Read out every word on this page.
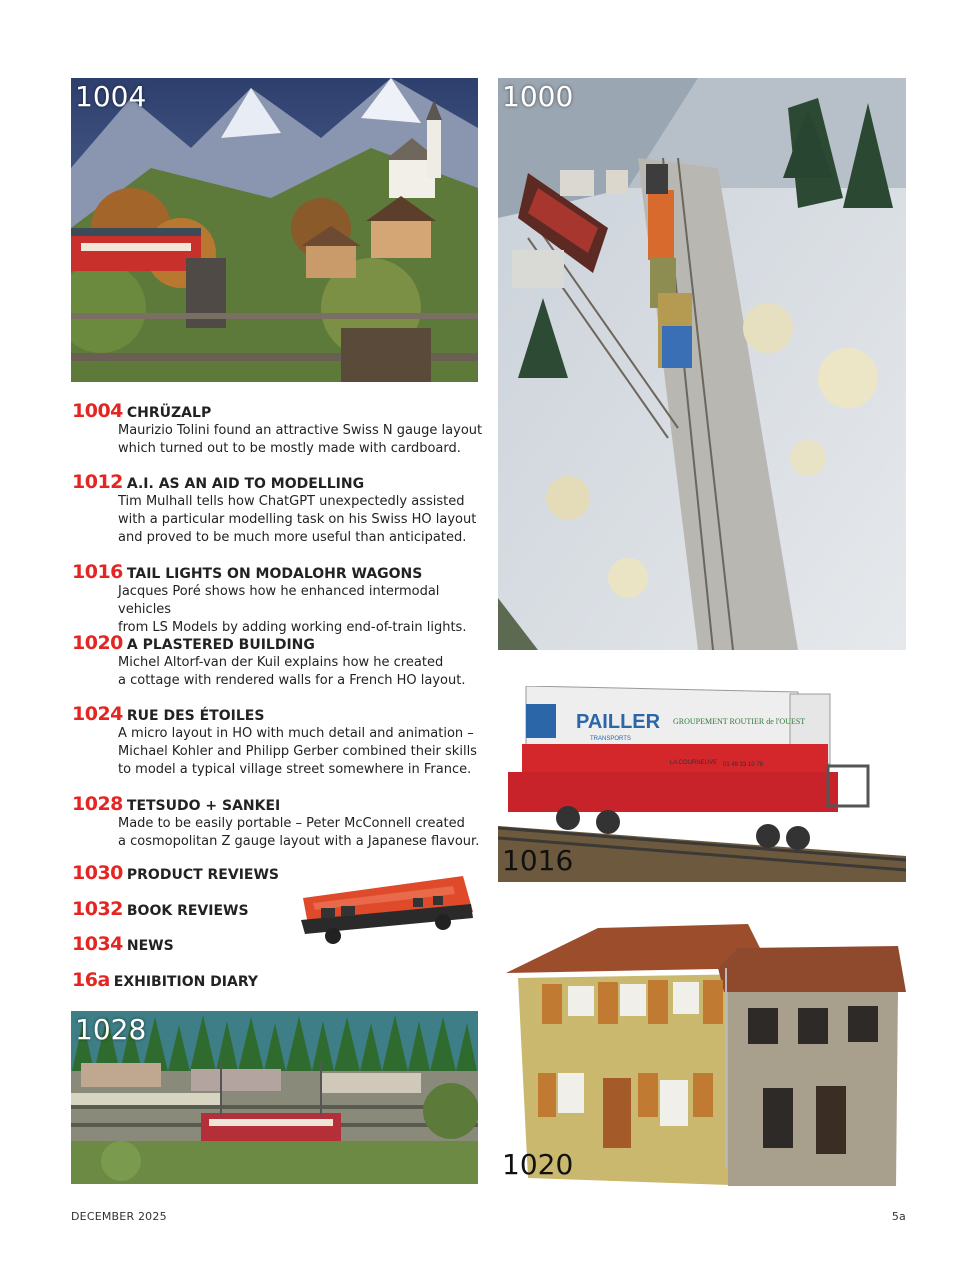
1004	1000
PAILLER
TRANSPORTS
GROUPEMENT ROUTIER de l'OUEST
LA COURNEUVE 01 48 33 10 78
1016
1020
1028
1004 CHRÜZALP
Maurizio Tolini found an attractive Swiss N gauge layout
which turned out to be mostly made with cardboard.
1012 A.I. AS AN AID TO MODELLING
Tim Mulhall tells how ChatGPT unexpectedly assisted
with a particular modelling task on his Swiss HO layout
and proved to be much more useful than anticipated.
1016 TAIL LIGHTS ON MODALOHR WAGONS
Jacques Poré shows how he enhanced intermodal vehicles
from LS Models by adding working end-of-train lights.
1020 A PLASTERED BUILDING
Michel Altorf-van der Kuil explains how he created
a cottage with rendered walls for a French HO layout.
1024 RUE DES ÉTOILES
A micro layout in HO with much detail and animation –
Michael Kohler and Philipp Gerber combined their skills
to model a typical village street somewhere in France.
1028 TETSUDO + SANKEI
Made to be easily portable – Peter McConnell created
a cosmopolitan Z gauge layout with a Japanese flavour.
1030 PRODUCT REVIEWS
1032 BOOK REVIEWS
1034 NEWS
16a EXHIBITION DIARY
DECEMBER 2025	5a
